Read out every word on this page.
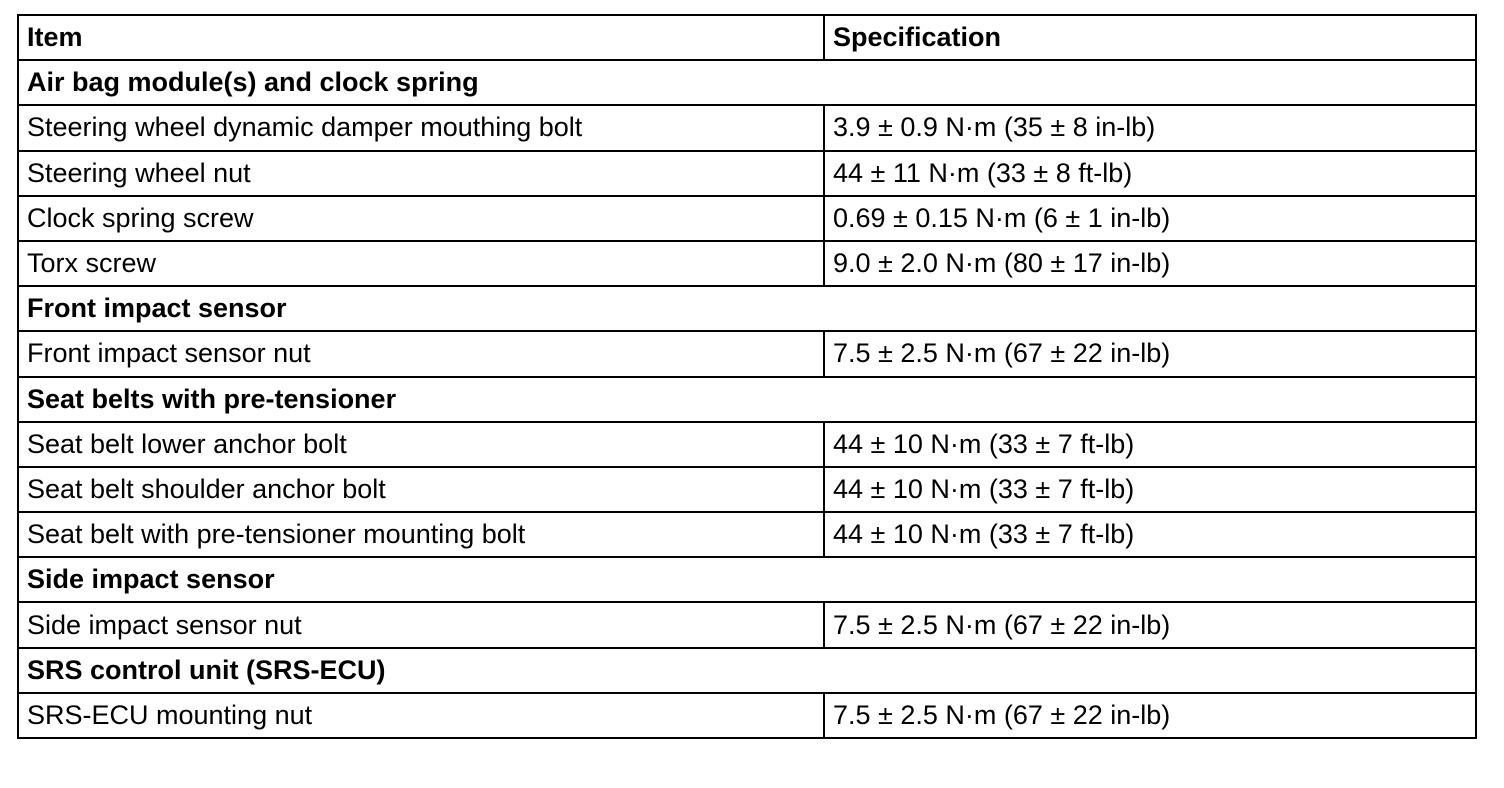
Item	Specification
Air bag module(s) and clock spring	
Steering wheel dynamic damper mouthing bolt	3.9 ± 0.9 N·m (35 ± 8 in-lb)
Steering wheel nut	44 ± 11 N·m (33 ± 8 ft-lb)
Clock spring screw	0.69 ± 0.15 N·m (6 ± 1 in-lb)
Torx screw	9.0 ± 2.0 N·m (80 ± 17 in-lb)
Front impact sensor	
Front impact sensor nut	7.5 ± 2.5 N·m (67 ± 22 in-lb)
Seat belts with pre-tensioner	
Seat belt lower anchor bolt	44 ± 10 N·m (33 ± 7 ft-lb)
Seat belt shoulder anchor bolt	44 ± 10 N·m (33 ± 7 ft-lb)
Seat belt with pre-tensioner mounting bolt	44 ± 10 N·m (33 ± 7 ft-lb)
Side impact sensor	
Side impact sensor nut	7.5 ± 2.5 N·m (67 ± 22 in-lb)
SRS control unit (SRS-ECU)	
SRS-ECU mounting nut	7.5 ± 2.5 N·m (67 ± 22 in-lb)
